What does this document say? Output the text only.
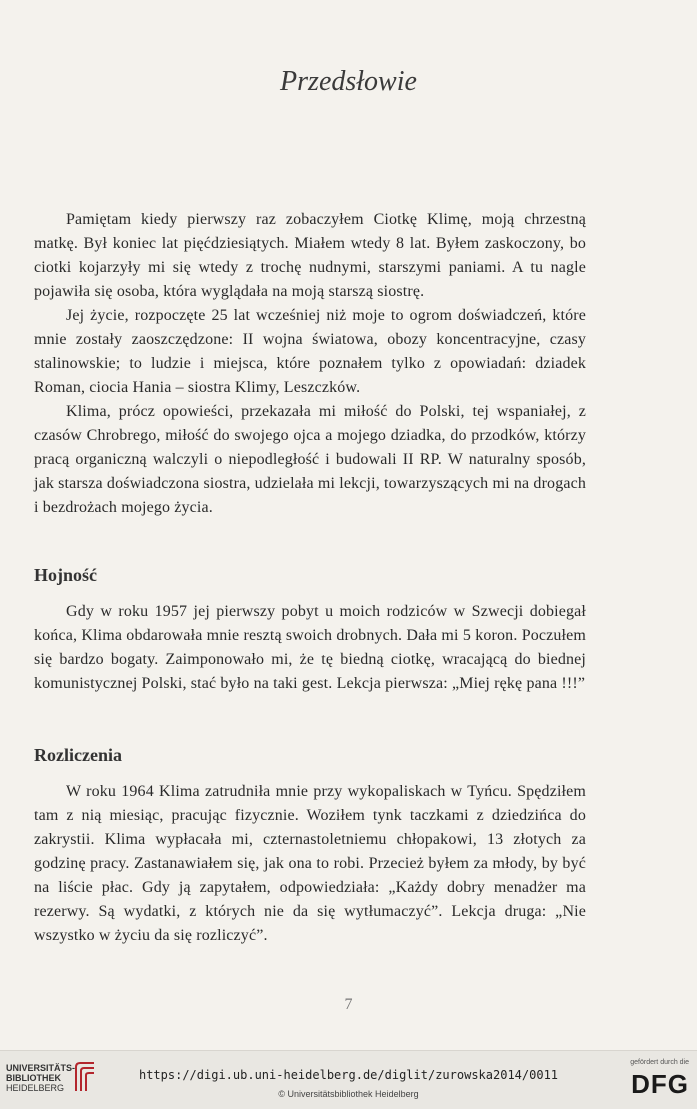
Przedsłowie

Pamiętam kiedy pierwszy raz zobaczyłem Ciotkę Klimę, moją chrzestną matkę. Był koniec lat pięćdziesiątych. Miałem wtedy 8 lat. Byłem zaskoczony, bo ciotki kojarzyły mi się wtedy z trochę nudnymi, starszymi paniami. A tu nagle pojawiła się osoba, która wyglądała na moją starszą siostrę.

Jej życie, rozpoczęte 25 lat wcześniej niż moje to ogrom doświadczeń, które mnie zostały zaoszczędzone: II wojna światowa, obozy koncentracyjne, czasy stalinowskie; to ludzie i miejsca, które poznałem tylko z opowiadań: dziadek Roman, ciocia Hania – siostra Klimy, Leszczków.

Klima, prócz opowieści, przekazała mi miłość do Polski, tej wspaniałej, z czasów Chrobrego, miłość do swojego ojca a mojego dziadka, do przodków, którzy pracą organiczną walczyli o niepodległość i budowali II RP. W naturalny sposób, jak starsza doświadczona siostra, udzielała mi lekcji, towarzyszących mi na drogach i bezdrożach mojego życia.

Hojność

Gdy w roku 1957 jej pierwszy pobyt u moich rodziców w Szwecji dobiegał końca, Klima obdarowała mnie resztą swoich drobnych. Dała mi 5 koron. Poczułem się bardzo bogaty. Zaimponowało mi, że tę biedną ciotkę, wracającą do biednej komunistycznej Polski, stać było na taki gest. Lekcja pierwsza: „Miej rękę pana !!!”

Rozliczenia

W roku 1964 Klima zatrudniła mnie przy wykopaliskach w Tyńcu. Spędziłem tam z nią miesiąc, pracując fizycznie. Woziłem tynk taczkami z dziedzińca do zakrystii. Klima wypłacała mi, czternastoletniemu chłopakowi, 13 złotych za godzinę pracy. Zastanawiałem się, jak ona to robi. Przecież byłem za młody, by być na liście płac. Gdy ją zapytałem, odpowiedziała: „Każdy dobry menadżer ma rezerwy. Są wydatki, z których nie da się wytłumaczyć”. Lekcja druga: „Nie wszystko w życiu da się rozliczyć”.

7
UNIVERSITÄTS-
BIBLIOTHEK
HEIDELBERG
https://digi.ub.uni-heidelberg.de/diglit/zurowska2014/0011
© Universitätsbibliothek Heidelberg
gefördert durch die
DFG
